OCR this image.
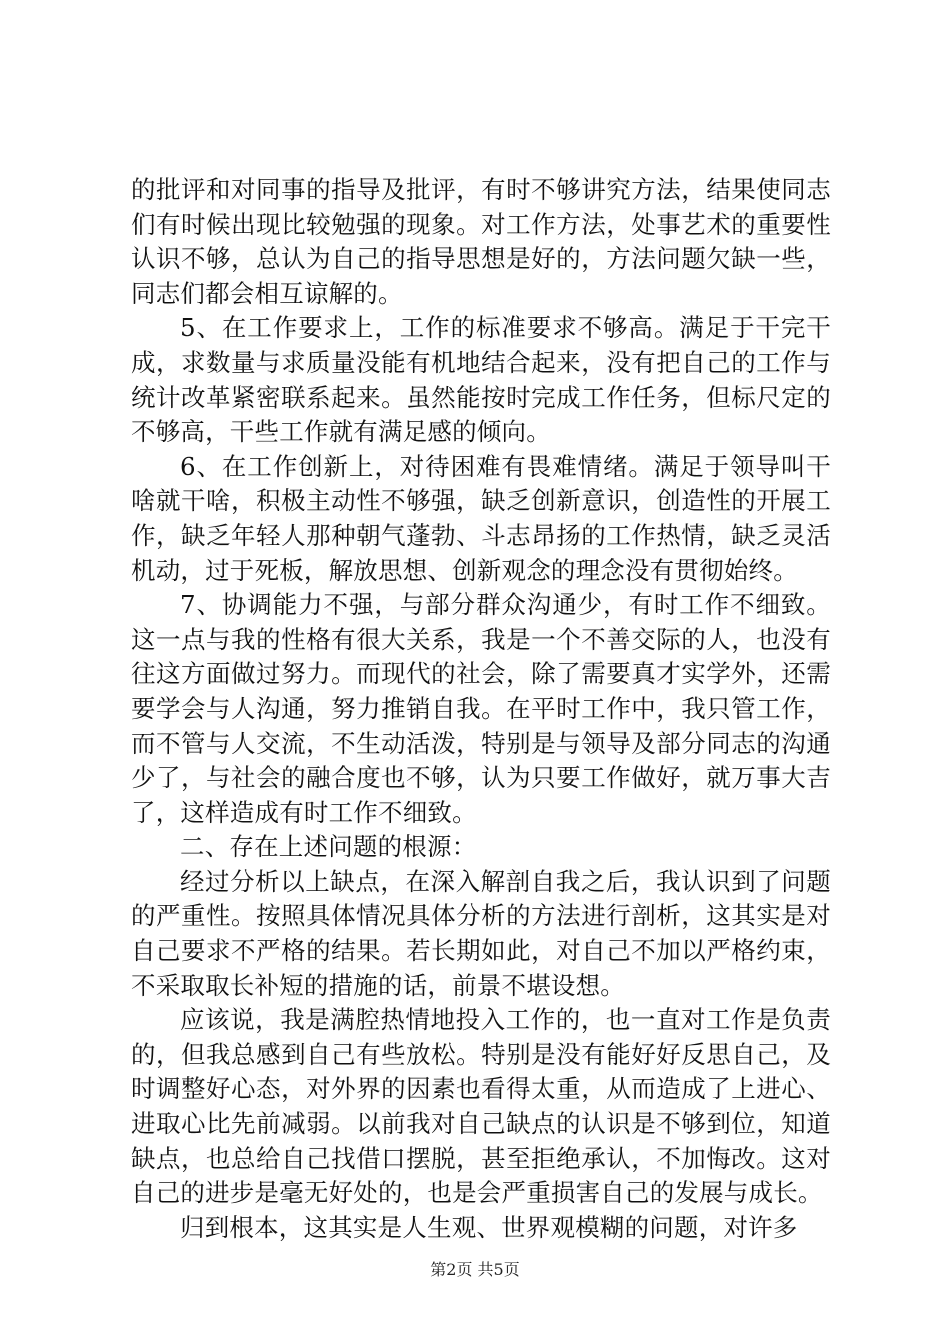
的批评和对同事的指导及批评，有时不够讲究方法，结果使同志们有时候出现比较勉强的现象。对工作方法，处事艺术的重要性认识不够，总认为自己的指导思想是好的，方法问题欠缺一些，同志们都会相互谅解的。

5、在工作要求上，工作的标准要求不够高。满足于干完干成，求数量与求质量没能有机地结合起来，没有把自己的工作与统计改革紧密联系起来。虽然能按时完成工作任务，但标尺定的不够高，干些工作就有满足感的倾向。

6、在工作创新上，对待困难有畏难情绪。满足于领导叫干啥就干啥，积极主动性不够强，缺乏创新意识，创造性的开展工作，缺乏年轻人那种朝气蓬勃、斗志昂扬的工作热情，缺乏灵活机动，过于死板，解放思想、创新观念的理念没有贯彻始终。

7、协调能力不强，与部分群众沟通少，有时工作不细致。这一点与我的性格有很大关系，我是一个不善交际的人，也没有往这方面做过努力。而现代的社会，除了需要真才实学外，还需要学会与人沟通，努力推销自我。在平时工作中，我只管工作，而不管与人交流，不生动活泼，特别是与领导及部分同志的沟通少了，与社会的融合度也不够，认为只要工作做好，就万事大吉了，这样造成有时工作不细致。

二、存在上述问题的根源：

经过分析以上缺点，在深入解剖自我之后，我认识到了问题的严重性。按照具体情况具体分析的方法进行剖析，这其实是对自己要求不严格的结果。若长期如此，对自己不加以严格约束，不采取取长补短的措施的话，前景不堪设想。

应该说，我是满腔热情地投入工作的，也一直对工作是负责的，但我总感到自己有些放松。特别是没有能好好反思自己，及时调整好心态，对外界的因素也看得太重，从而造成了上进心、进取心比先前减弱。以前我对自己缺点的认识是不够到位，知道缺点，也总给自己找借口摆脱，甚至拒绝承认，不加悔改。这对自己的进步是毫无好处的，也是会严重损害自己的发展与成长。

归到根本，这其实是人生观、世界观模糊的问题，对许多

第2页 共5页
